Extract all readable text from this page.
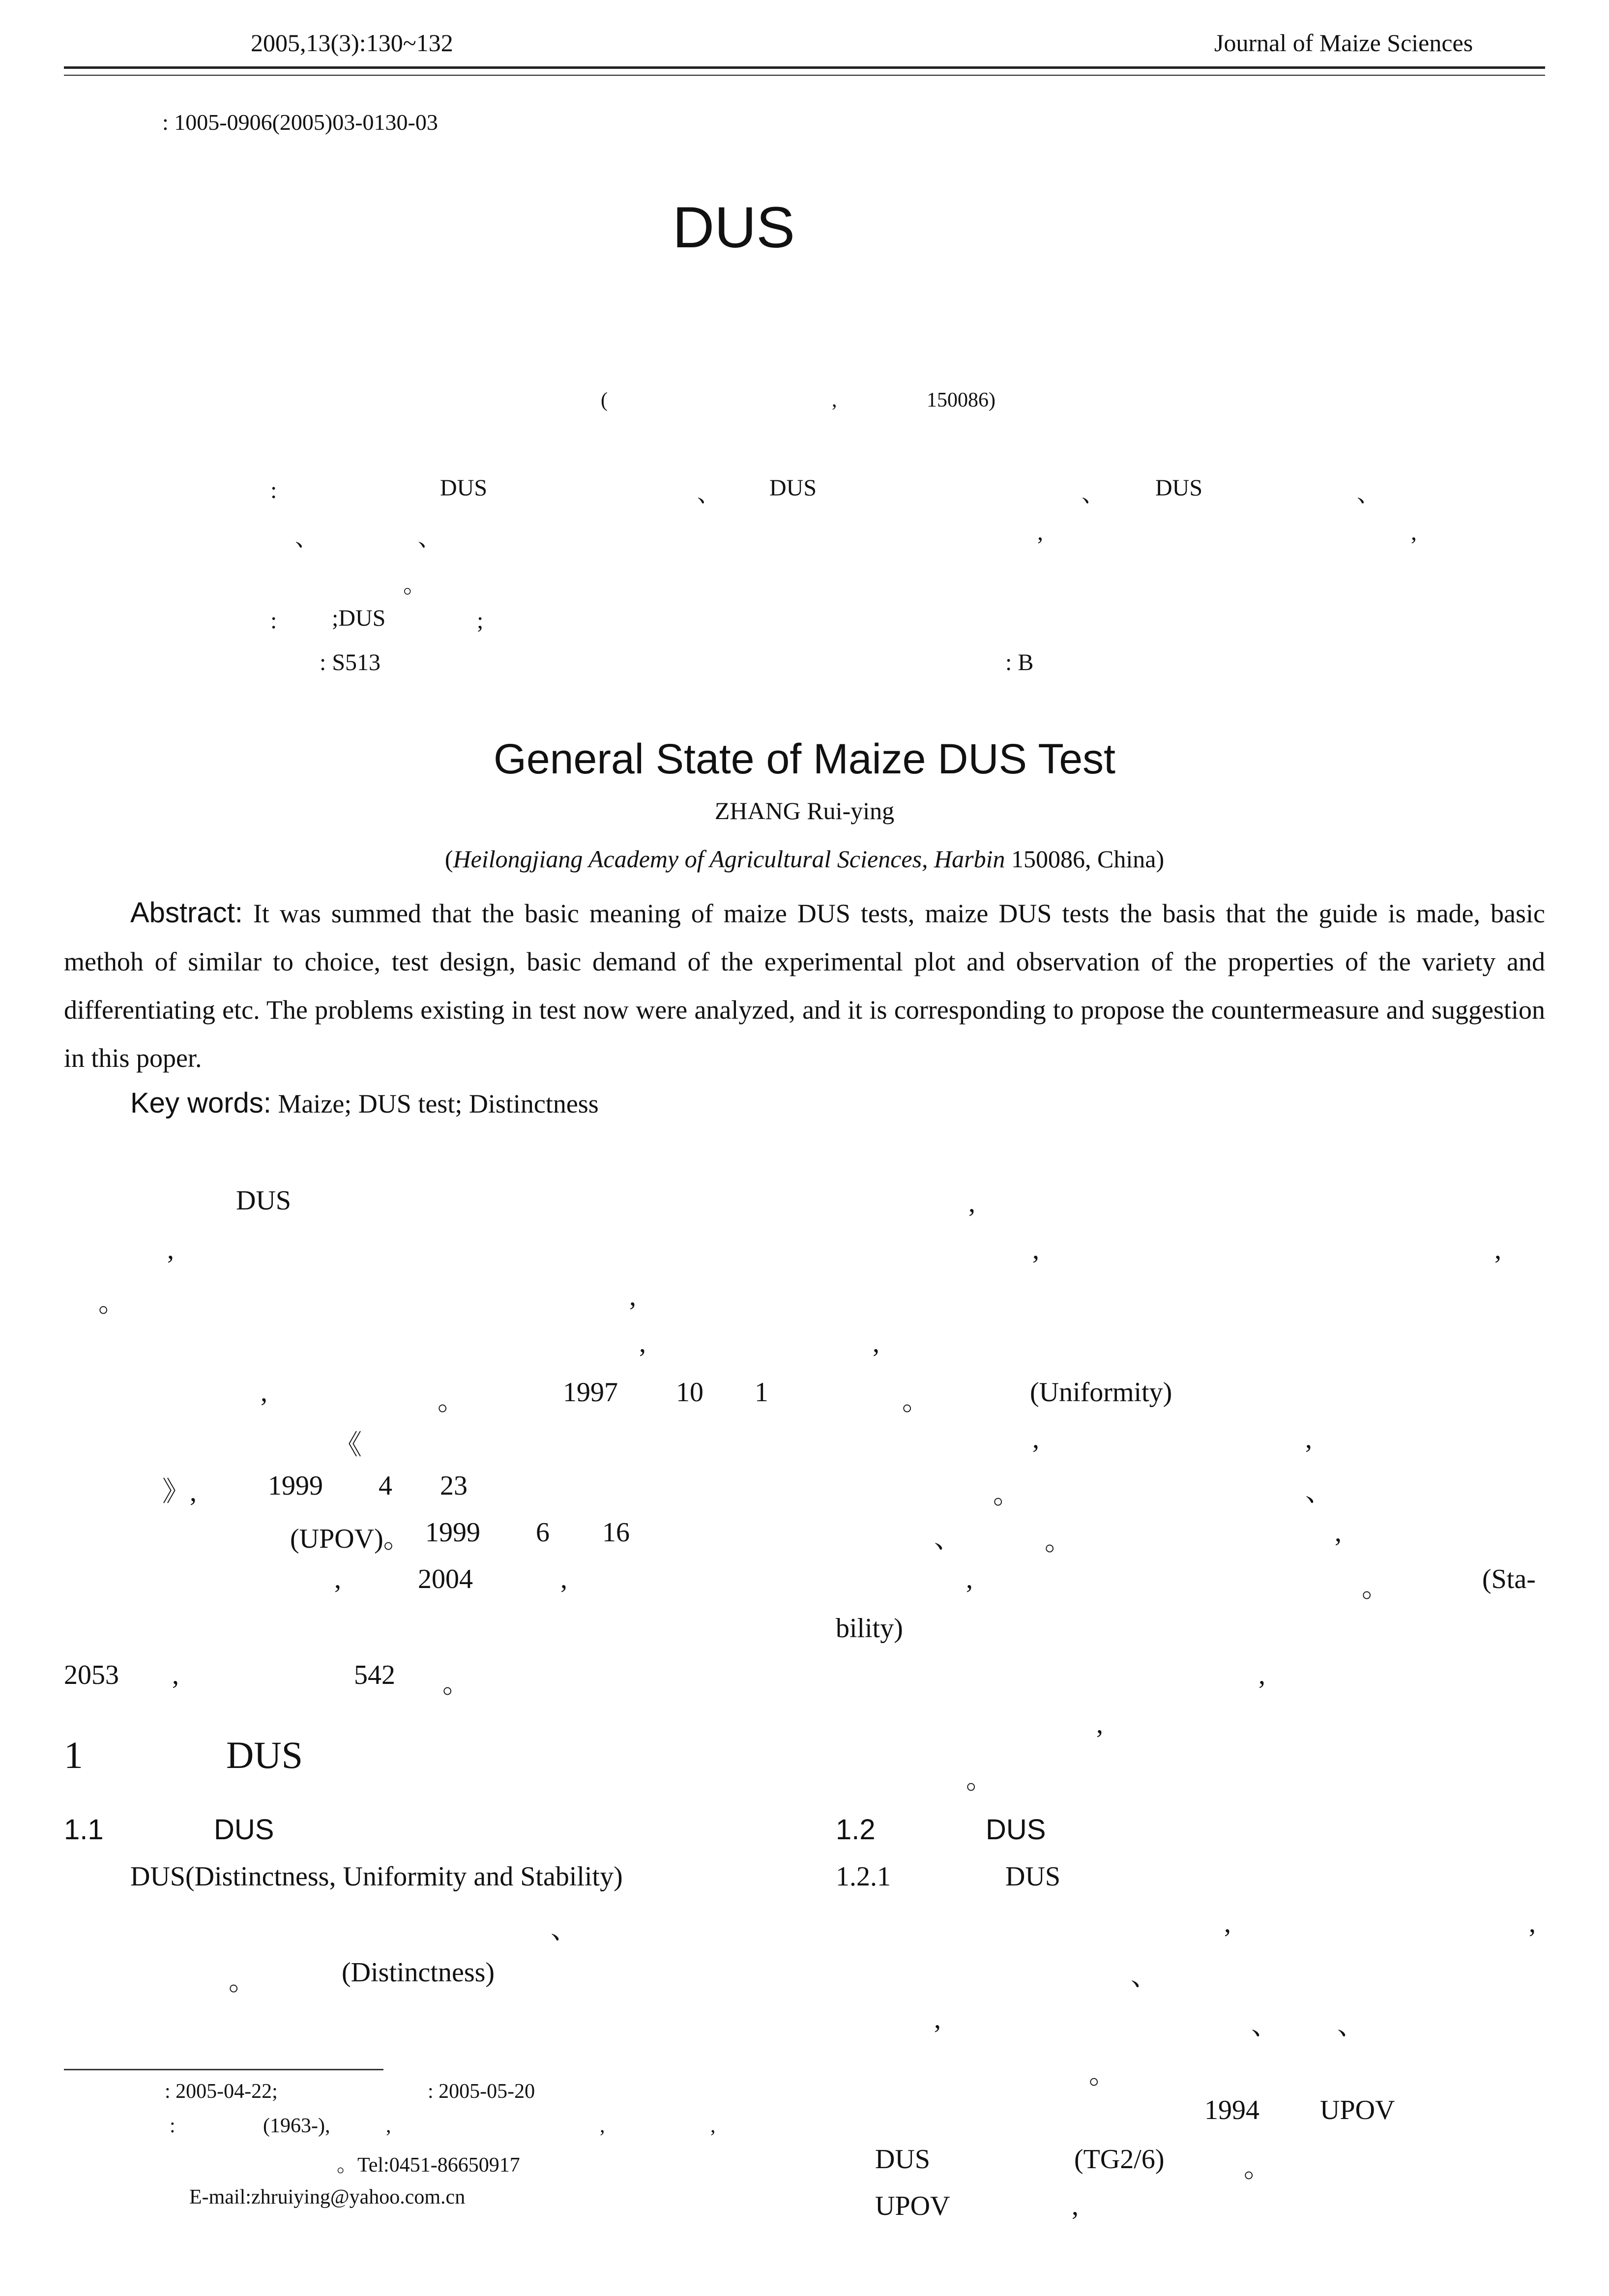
2005,13(3):130~132	Journal of Maize Sciences
: 1005-0906(2005)03-0130-03
DUS
(	,	150086)
:	DUS	、 DUS	、 DUS	、
、	、	,	,
。
: ;DUS	;
: S513	: B
General State of Maize DUS Test
ZHANG Rui-ying
(Heilongjiang Academy of Agricultural Sciences, Harbin 150086, China)
Abstract: It was summed that the basic meaning of maize DUS tests, maize DUS tests the basis that the guide is made, basic methoh of similar to choice, test design, basic demand of the experimental plot and observation of the properties of the variety and differentiating etc. The problems existing in test now were analyzed, and it is corresponding to propose the countermeasure and suggestion in this poper.
Key words: Maize; DUS test; Distinctness
DUS	,
,	,	,
。	,
,	,
,	。	1997 10 1
《
》,	1999 4 23
(UPOV)。 1999 6 16
,	2004	,
2053 ,	542 。
1	DUS
1.1	DUS
DUS(Distinctness, Uniformity and Stability)
、
。	(Distinctness)
。	(Uniformity)
,	,
。	、
、	。	,
,	。	(Sta-
bility)
,
,
。
1.2	DUS
1.2.1	DUS
,	,
、
,	、 、
。
1994 UPOV
DUS	(TG2/6)	。
UPOV	,
: 2005-04-22;	: 2005-05-20
:	(1963-),	,	,	,
。Tel:0451-86650917
E-mail:zhruiying@yahoo.com.cn
